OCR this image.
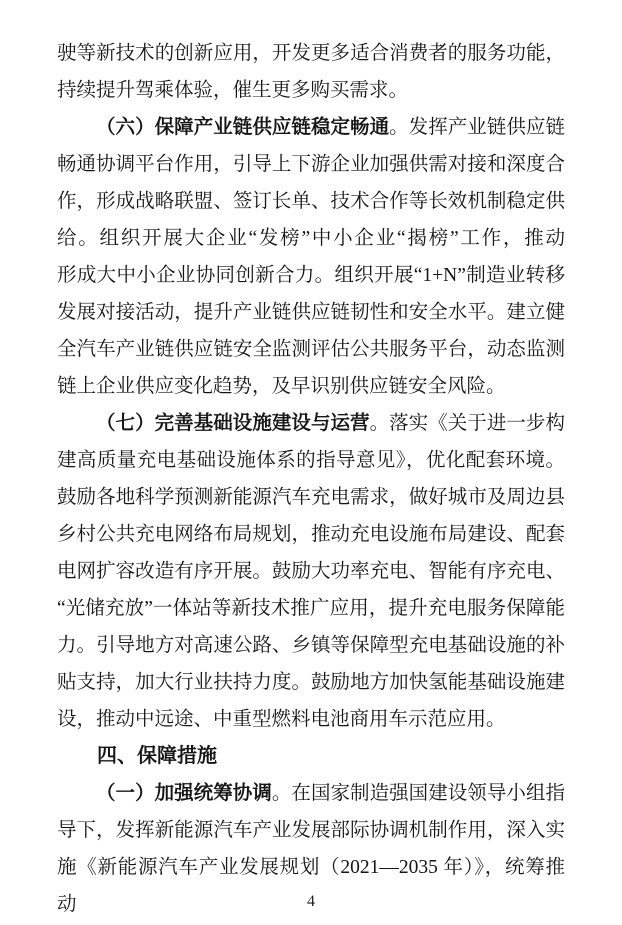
驶等新技术的创新应用，开发更多适合消费者的服务功能，
持续提升驾乘体验，催生更多购买需求。
（六）保障产业链供应链稳定畅通。发挥产业链供应链
畅通协调平台作用，引导上下游企业加强供需对接和深度合
作，形成战略联盟、签订长单、技术合作等长效机制稳定供
给。组织开展大企业“发榜”中小企业“揭榜”工作，推动
形成大中小企业协同创新合力。组织开展“1+N”制造业转移
发展对接活动，提升产业链供应链韧性和安全水平。建立健
全汽车产业链供应链安全监测评估公共服务平台，动态监测
链上企业供应变化趋势，及早识别供应链安全风险。
（七）完善基础设施建设与运营。落实《关于进一步构
建高质量充电基础设施体系的指导意见》，优化配套环境。
鼓励各地科学预测新能源汽车充电需求，做好城市及周边县
乡村公共充电网络布局规划，推动充电设施布局建设、配套
电网扩容改造有序开展。鼓励大功率充电、智能有序充电、
“光储充放”一体站等新技术推广应用，提升充电服务保障能
力。引导地方对高速公路、乡镇等保障型充电基础设施的补
贴支持，加大行业扶持力度。鼓励地方加快氢能基础设施建
设，推动中远途、中重型燃料电池商用车示范应用。
四、保障措施
（一）加强统筹协调。在国家制造强国建设领导小组指
导下，发挥新能源汽车产业发展部际协调机制作用，深入实
施《新能源汽车产业发展规划（2021—2035 年）》，统筹推动	4
